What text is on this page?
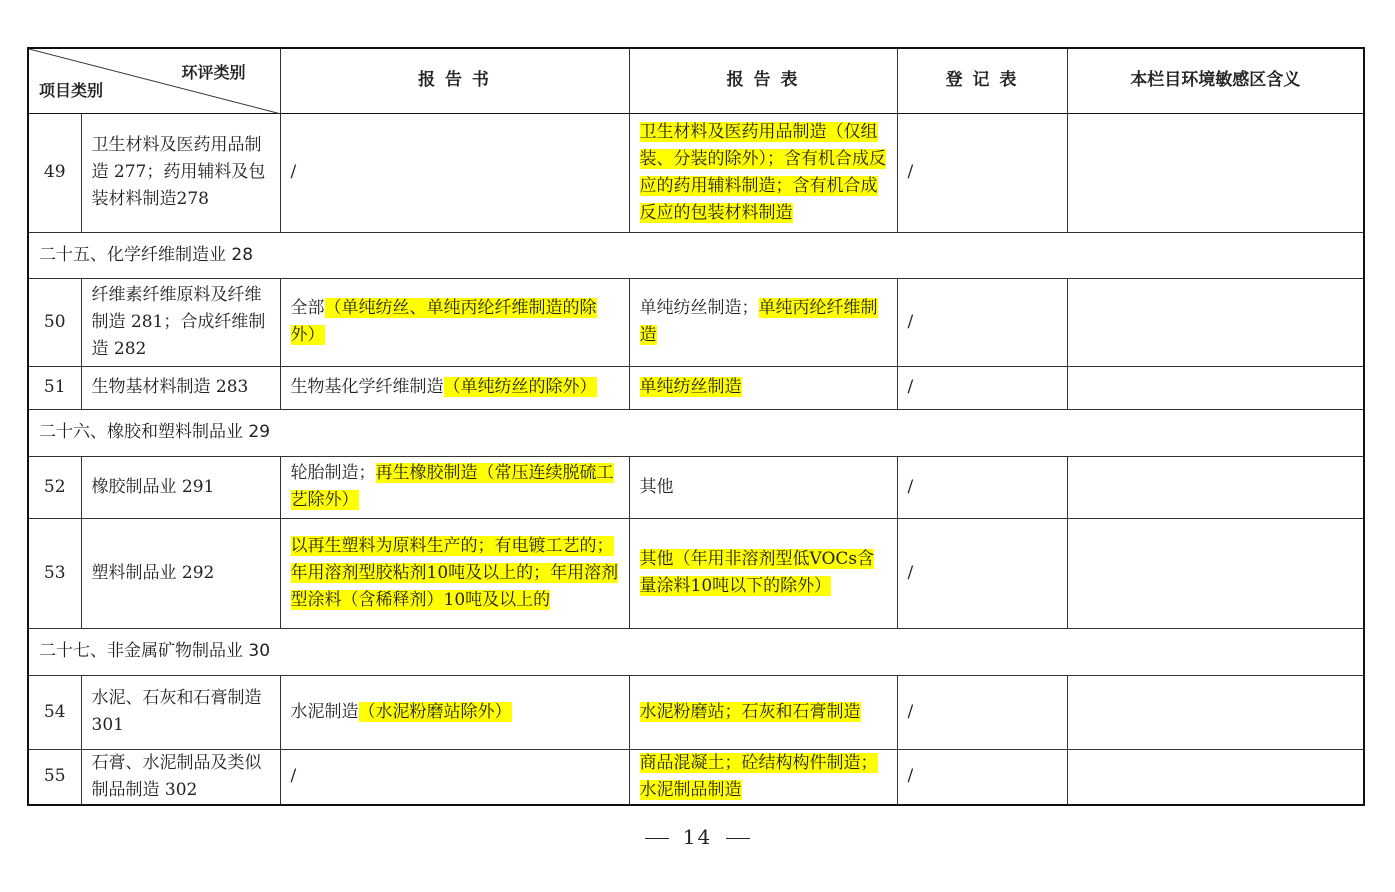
环评类别
项目类别		报 告 书	报 告 表	登 记 表	本栏目环境敏感区含义
49	卫生材料及医药用品制造 277；药用辅料及包装材料制造278	/	卫生材料及医药用品制造（仅组装、分装的除外）；含有机合成反应的药用辅料制造；含有机合成反应的包装材料制造	/	
二十五、化学纤维制造业 28					
50	纤维素纤维原料及纤维制造 281；合成纤维制造 282	全部（单纯纺丝、单纯丙纶纤维制造的除外）	单纯纺丝制造；单纯丙纶纤维制造	/	
51	生物基材料制造 283	生物基化学纤维制造（单纯纺丝的除外）	单纯纺丝制造	/	
二十六、橡胶和塑料制品业 29					
52	橡胶制品业 291	轮胎制造；再生橡胶制造（常压连续脱硫工艺除外）	其他	/	
53	塑料制品业 292	以再生塑料为原料生产的；有电镀工艺的；年用溶剂型胶粘剂10吨及以上的；年用溶剂型涂料（含稀释剂）10吨及以上的	其他（年用非溶剂型低VOCs含量涂料10吨以下的除外）	/	
二十七、非金属矿物制品业 30					
54	水泥、石灰和石膏制造 301	水泥制造（水泥粉磨站除外）	水泥粉磨站；石灰和石膏制造	/	
55	石膏、水泥制品及类似制品制造 302	/	商品混凝土；砼结构构件制造；水泥制品制造	/	
14
